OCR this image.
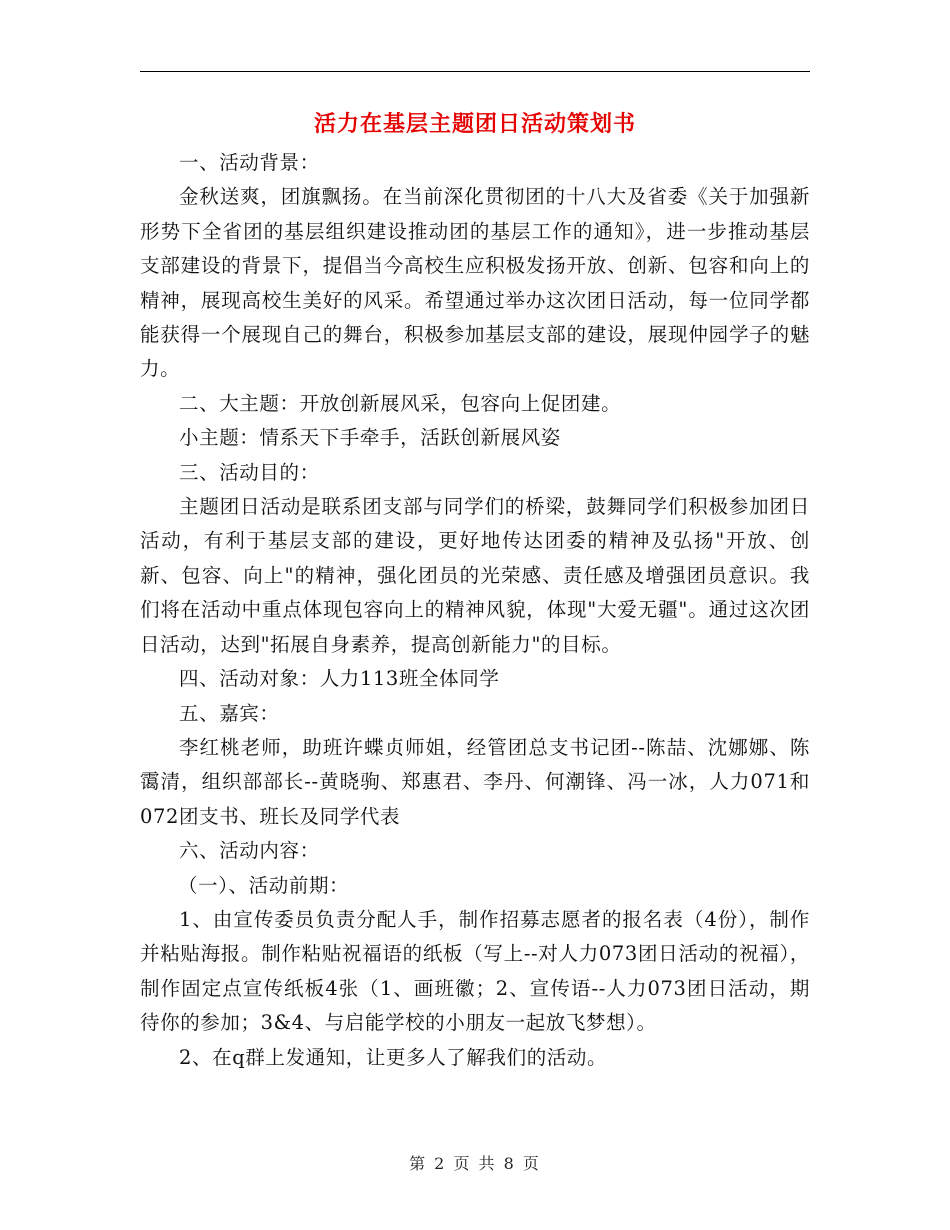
活力在基层主题团日活动策划书

一、活动背景：

金秋送爽，团旗飘扬。在当前深化贯彻团的十八大及省委《关于加强新形势下全省团的基层组织建设推动团的基层工作的通知》，进一步推动基层支部建设的背景下，提倡当今高校生应积极发扬开放、创新、包容和向上的精神，展现高校生美好的风采。希望通过举办这次团日活动，每一位同学都能获得一个展现自己的舞台，积极参加基层支部的建设，展现仲园学子的魅力。

二、大主题：开放创新展风采，包容向上促团建。

小主题：情系天下手牵手，活跃创新展风姿

三、活动目的：

主题团日活动是联系团支部与同学们的桥梁，鼓舞同学们积极参加团日活动，有利于基层支部的建设，更好地传达团委的精神及弘扬"开放、创新、包容、向上"的精神，强化团员的光荣感、责任感及增强团员意识。我们将在活动中重点体现包容向上的精神风貌，体现"大爱无疆"。通过这次团日活动，达到"拓展自身素养，提高创新能力"的目标。

四、活动对象：人力113班全体同学

五、嘉宾：

李红桃老师，助班许蝶贞师姐，经管团总支书记团--陈喆、沈娜娜、陈霭清，组织部部长--黄晓驹、郑惠君、李丹、何潮锋、冯一冰，人力071和072团支书、班长及同学代表

六、活动内容：

（一）、活动前期：

1、由宣传委员负责分配人手，制作招募志愿者的报名表（4份），制作并粘贴海报。制作粘贴祝福语的纸板（写上--对人力073团日活动的祝福），制作固定点宣传纸板4张（1、画班徽；2、宣传语--人力073团日活动，期待你的参加；3&4、与启能学校的小朋友一起放飞梦想）。

2、在q群上发通知，让更多人了解我们的活动。

第 2 页 共 8 页
